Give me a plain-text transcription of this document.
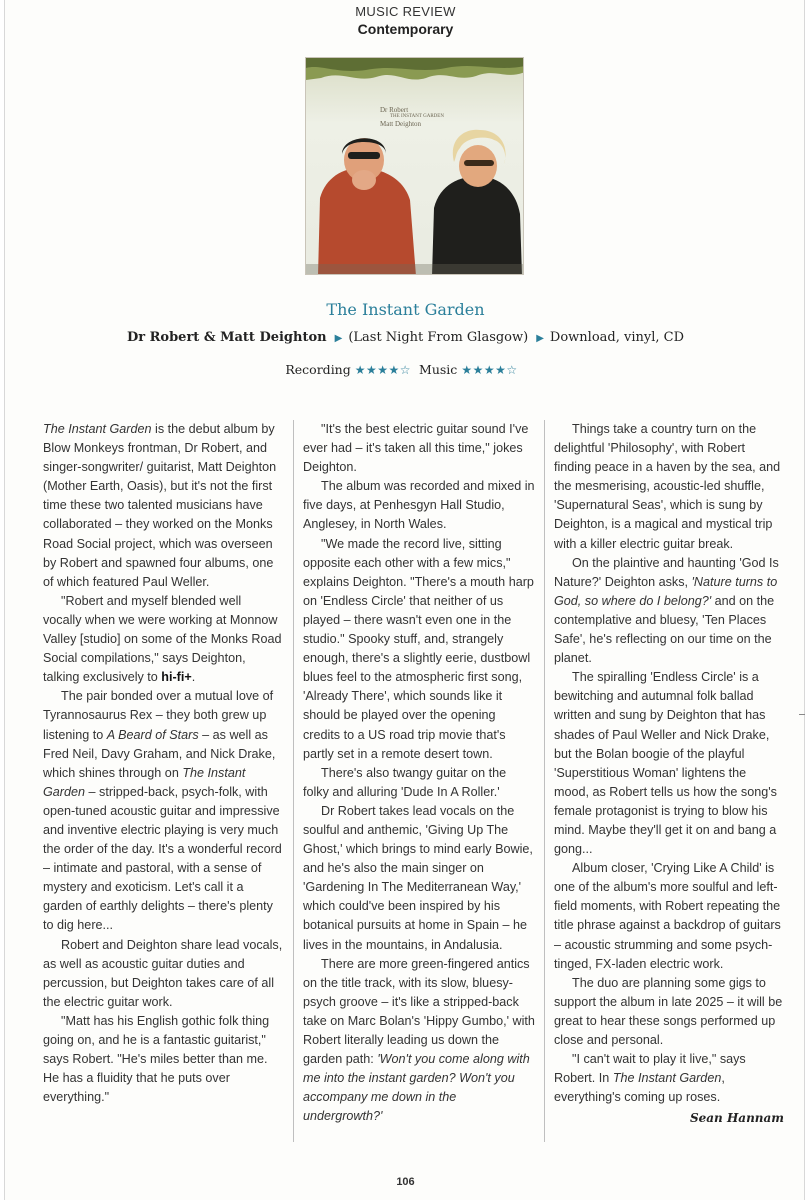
MUSIC REVIEW
Contemporary
Dr Robert
THE INSTANT GARDEN
Matt Deighton
The Instant Garden
Dr Robert & Matt Deighton ▶ (Last Night From Glasgow) ▶ Download, vinyl, CD
Recording ★★★★☆ Music ★★★★☆

The Instant Garden is the debut album by Blow Monkeys frontman, Dr Robert, and singer-songwriter/ guitarist, Matt Deighton (Mother Earth, Oasis), but it's not the first time these two talented musicians have collaborated – they worked on the Monks Road Social project, which was overseen by Robert and spawned four albums, one of which featured Paul Weller.

"Robert and myself blended well vocally when we were working at Monnow Valley [studio] on some of the Monks Road Social compilations," says Deighton, talking exclusively to hi-fi+.

The pair bonded over a mutual love of Tyrannosaurus Rex – they both grew up listening to A Beard of Stars – as well as Fred Neil, Davy Graham, and Nick Drake, which shines through on The Instant Garden – stripped-back, psych-folk, with open-tuned acoustic guitar and impressive and inventive electric playing is very much the order of the day. It's a wonderful record – intimate and pastoral, with a sense of mystery and exoticism. Let's call it a garden of earthly delights – there's plenty to dig here...

Robert and Deighton share lead vocals, as well as acoustic guitar duties and percussion, but Deighton takes care of all the electric guitar work.

"Matt has his English gothic folk thing going on, and he is a fantastic guitarist," says Robert. "He's miles better than me. He has a fluidity that he puts over everything."

"It's the best electric guitar sound I've ever had – it's taken all this time," jokes Deighton.

The album was recorded and mixed in five days, at Penhesgyn Hall Studio, Anglesey, in North Wales.

"We made the record live, sitting opposite each other with a few mics," explains Deighton. "There's a mouth harp on 'Endless Circle' that neither of us played – there wasn't even one in the studio." Spooky stuff, and, strangely enough, there's a slightly eerie, dustbowl blues feel to the atmospheric first song, 'Already There', which sounds like it should be played over the opening credits to a US road trip movie that's partly set in a remote desert town.

There's also twangy guitar on the folky and alluring 'Dude In A Roller.'

Dr Robert takes lead vocals on the soulful and anthemic, 'Giving Up The Ghost,' which brings to mind early Bowie, and he's also the main singer on 'Gardening In The Mediterranean Way,' which could've been inspired by his botanical pursuits at home in Spain – he lives in the mountains, in Andalusia.

There are more green-fingered antics on the title track, with its slow, bluesy-psych groove – it's like a stripped-back take on Marc Bolan's 'Hippy Gumbo,' with Robert literally leading us down the garden path: 'Won't you come along with me into the instant garden? Won't you accompany me down in the undergrowth?'

Things take a country turn on the delightful 'Philosophy', with Robert finding peace in a haven by the sea, and the mesmerising, acoustic-led shuffle, 'Supernatural Seas', which is sung by Deighton, is a magical and mystical trip with a killer electric guitar break.

On the plaintive and haunting 'God Is Nature?' Deighton asks, 'Nature turns to God, so where do I belong?' and on the contemplative and bluesy, 'Ten Places Safe', he's reflecting on our time on the planet.

The spiralling 'Endless Circle' is a bewitching and autumnal folk ballad written and sung by Deighton that has shades of Paul Weller and Nick Drake, but the Bolan boogie of the playful 'Superstitious Woman' lightens the mood, as Robert tells us how the song's female protagonist is trying to blow his mind. Maybe they'll get it on and bang a gong...

Album closer, 'Crying Like A Child' is one of the album's more soulful and left-field moments, with Robert repeating the title phrase against a backdrop of guitars – acoustic strumming and some psych-tinged, FX-laden electric work.

The duo are planning some gigs to support the album in late 2025 – it will be great to hear these songs performed up close and personal.

"I can't wait to play it live," says Robert. In The Instant Garden, everything's coming up roses.

Sean Hannam
106
